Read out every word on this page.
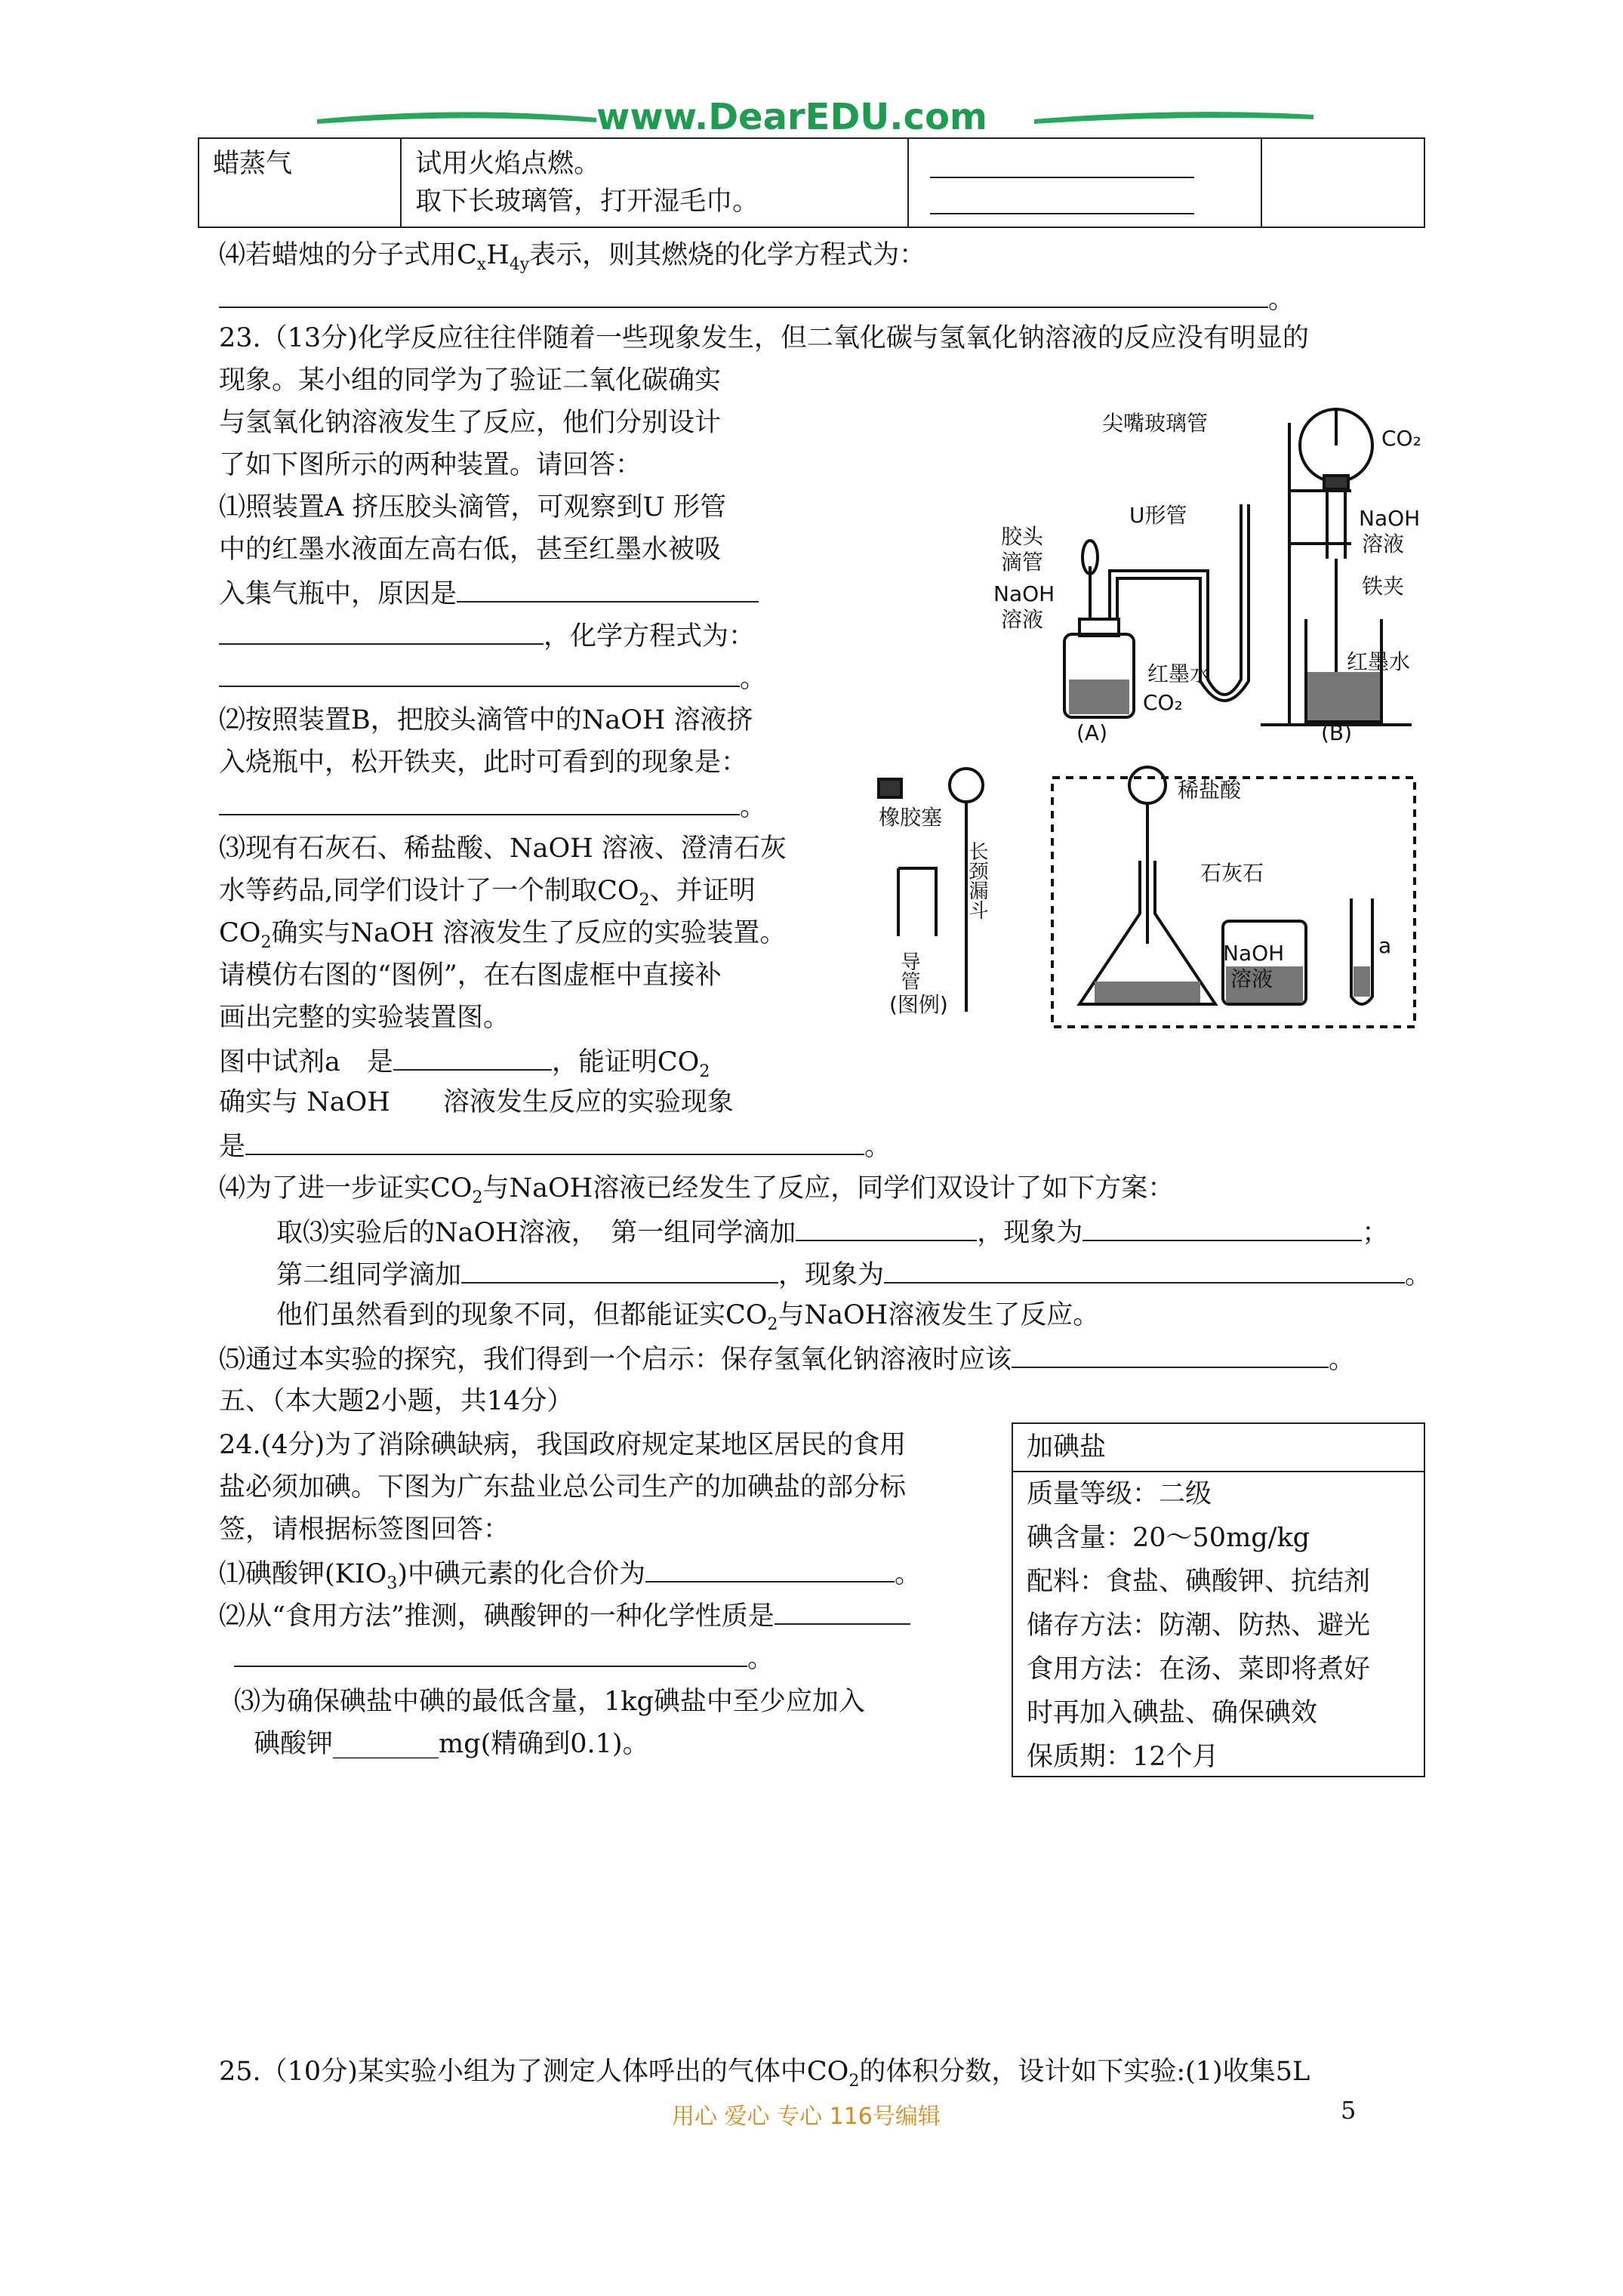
www.DearEDU.com
蜡蒸气	试用火焰点燃。
取下长玻璃管，打开湿毛巾。

⑷若蜡烛的分子式用$C_xH_{4y}$表示，则其燃烧的化学方程式为：
。
23.（13分)化学反应往往伴随着一些现象发生，但二氧化碳与氢氧化钠溶液的反应没有明显的
现象。某小组的同学为了验证二氧化碳确实
与氢氧化钠溶液发生了反应，他们分别设计
了如下图所示的两种装置。请回答：
⑴照装置A 挤压胶头滴管，可观察到U 形管
中的红墨水液面左高右低，甚至红墨水被吸
入集气瓶中，原因是
，化学方程式为：
。
⑵按照装置B，把胶头滴管中的NaOH 溶液挤
入烧瓶中，松开铁夹，此时可看到的现象是：
。
⑶现有石灰石、稀盐酸、NaOH 溶液、澄清石灰
水等药品,同学们设计了一个制取$CO_2$、并证明
$CO_2$确实与NaOH 溶液发生了反应的实验装置。
请模仿右图的“图例”，在右图虚框中直接补
画出完整的实验装置图。
图中试剂a　是	，能证明$CO_2$
确实与 NaOH　　溶液发生反应的实验现象
是	。
⑷为了进一步证实$CO_2$与NaOH溶液已经发生了反应，同学们双设计了如下方案：
取⑶实验后的NaOH溶液，　第一组同学滴加	，现象为	；
第二组同学滴加	，现象为	。
他们虽然看到的现象不同，但都能证实$CO_2$与NaOH溶液发生了反应。
⑸通过本实验的探究，我们得到一个启示：保存氢氧化钠溶液时应该	。
五、（本大题2小题，共14分）
24.(4分)为了消除碘缺病，我国政府规定某地区居民的食用
盐必须加碘。下图为广东盐业总公司生产的加碘盐的部分标
签，请根据标签图回答：
⑴碘酸钾$(KIO_3)$中碘元素的化合价为	。
⑵从“食用方法”推测，碘酸钾的一种化学性质是
。
⑶为确保碘盐中碘的最低含量，1kg碘盐中至少应加入
碘酸钾________mg(精确到0.1)。
加碘盐
质量等级：二级
碘含量：20～50mg/kg
配料：食盐、碘酸钾、抗结剂
储存方法：防潮、防热、避光
食用方法：在汤、菜即将煮好
时再加入碘盐、确保碘效
保质期：12个月
25.（10分)某实验小组为了测定人体呼出的气体中$CO_2$的体积分数，设计如下实验:(1)收集5L
用心 爱心 专心 116号编辑	5
尖嘴玻璃管
CO₂
U形管
胶头
滴管
NaOH
溶液
红墨水
CO₂
(A)
NaOH
溶液
铁夹
红墨水
(B)
橡胶塞
稀盐酸
石灰石
NaOH
溶液
a
(图例)
长颈漏斗
导管
